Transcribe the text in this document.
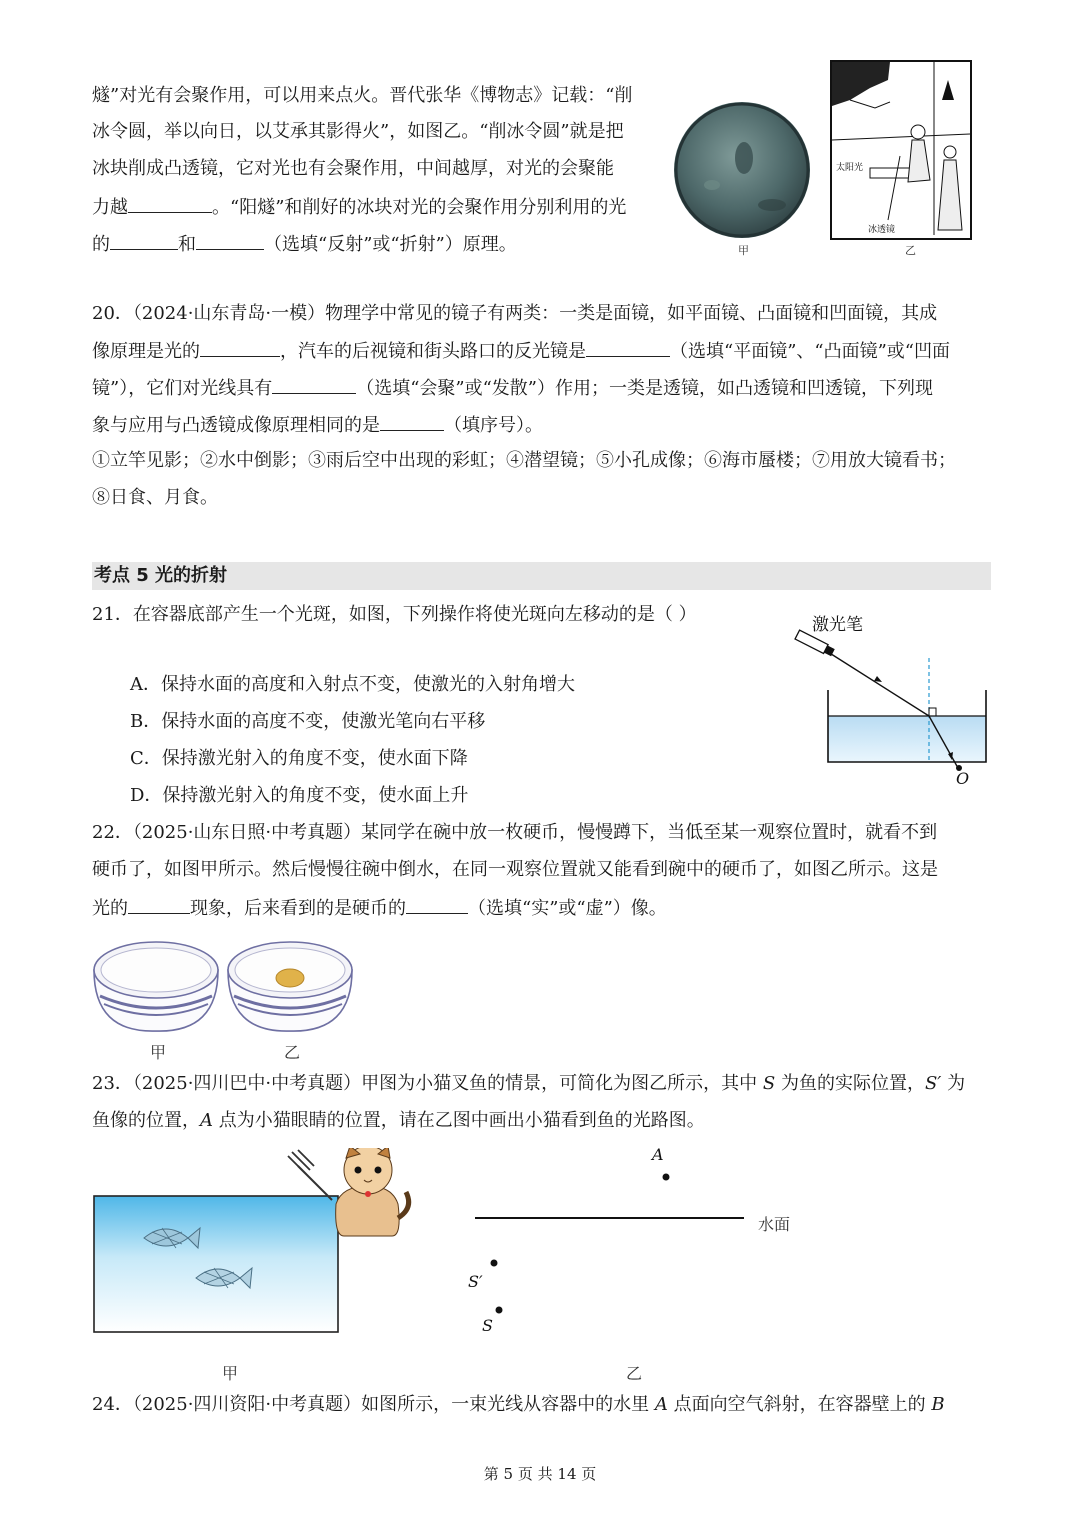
燧”对光有会聚作用，可以用来点火。晋代张华《博物志》记载：“削
冰令圆，举以向日，以艾承其影得火”，如图乙。“削冰令圆”就是把
冰块削成凸透镜，它对光也有会聚作用，中间越厚，对光的会聚能
力越	。“阳燧”和削好的冰块对光的会聚作用分别利用的光
的	和	（选填“反射”或“折射”）原理。	甲
太阳光
冰透镜
乙
20．（2024·山东青岛·一模）物理学中常见的镜子有两类：一类是面镜，如平面镜、凸面镜和凹面镜，其成
像原理是光的	，汽车的后视镜和街头路口的反光镜是	（选填“平面镜”、“凸面镜”或“凹面
镜”），它们对光线具有	（选填“会聚”或“发散”）作用；一类是透镜，如凸透镜和凹透镜，下列现
象与应用与凸透镜成像原理相同的是	（填序号）。
①立竿见影；②水中倒影；③雨后空中出现的彩虹；④潜望镜；⑤小孔成像；⑥海市蜃楼；⑦用放大镜看书；
⑧日食、月食。
考点 5 光的折射
21．在容器底部产生一个光斑，如图，下列操作将使光斑向左移动的是（ ）
A．保持水面的高度和入射点不变，使激光的入射角增大
B．保持水面的高度不变，使激光笔向右平移
C．保持激光射入的角度不变，使水面下降
D．保持激光射入的角度不变，使水面上升
激光笔
O
22．（2025·山东日照·中考真题）某同学在碗中放一枚硬币，慢慢蹲下，当低至某一观察位置时，就看不到
硬币了，如图甲所示。然后慢慢往碗中倒水，在同一观察位置就又能看到碗中的硬币了，如图乙所示。这是
光的	现象，后来看到的是硬币的	（选填“实”或“虚”）像。
甲	乙
23．（2025·四川巴中·中考真题）甲图为小猫叉鱼的情景，可简化为图乙所示，其中 S 为鱼的实际位置，S′ 为
鱼像的位置，A 点为小猫眼睛的位置，请在乙图中画出小猫看到鱼的光路图。
甲
A
水面
S′
S
乙
24．（2025·四川资阳·中考真题）如图所示，一束光线从容器中的水里 A 点面向空气斜射，在容器壁上的 B
第 5 页 共 14 页
